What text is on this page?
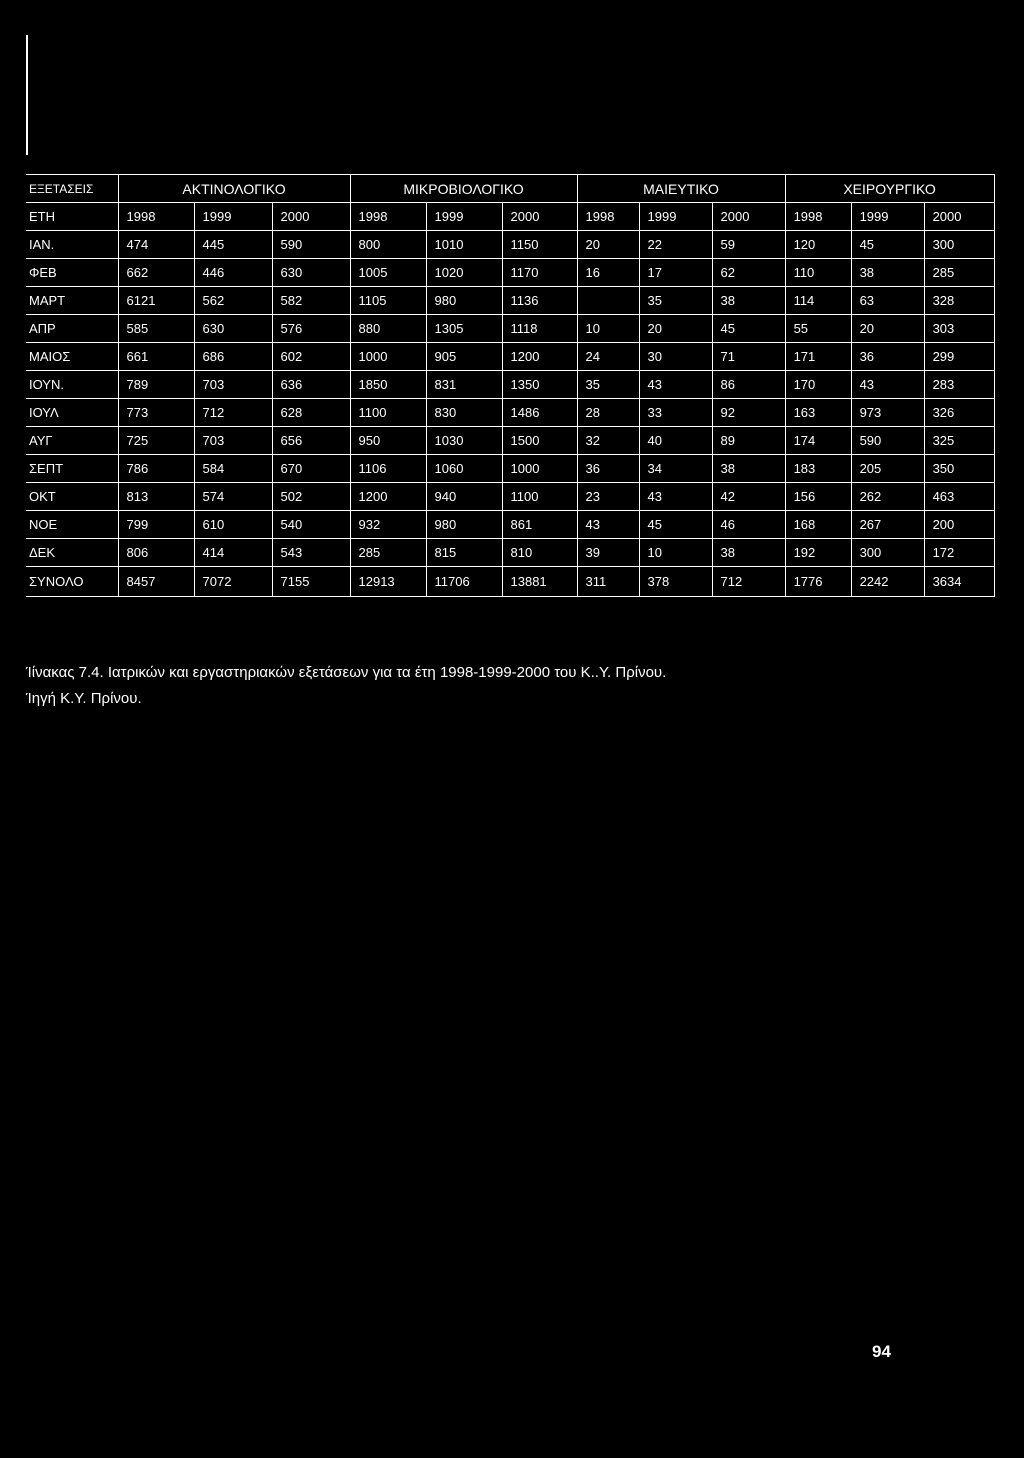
ΕΞΕΤΑΣΕΙΣ	ΑΚΤΙΝΟΛΟΓΙΚΟ			ΜΙΚΡΟΒΙΟΛΟΓΙΚΟ			ΜΑΙΕΥΤΙΚΟ			ΧΕΙΡΟΥΡΓΙΚΟ		
ΕΤΗ	1998	1999	2000	1998	1999	2000	1998	1999	2000	1998	1999	2000
ΙΑΝ.	474	445	590	800	1010	1150	20	22	59	120	45	300
ΦΕΒ	662	446	630	1005	1020	1170	16	17	62	110	38	285
ΜΑΡΤ	6121	562	582	1105	980	1136		35	38	114	63	328
ΑΠΡ	585	630	576	880	1305	1118	10	20	45	55	20	303
ΜΑΙΟΣ	661	686	602	1000	905	1200	24	30	71	171	36	299
ΙΟΥΝ.	789	703	636	1850	831	1350	35	43	86	170	43	283
ΙΟΥΛ	773	712	628	1100	830	1486	28	33	92	163	973	326
ΑΥΓ	725	703	656	950	1030	1500	32	40	89	174	590	325
ΣΕΠΤ	786	584	670	1106	1060	1000	36	34	38	183	205	350
ΟΚΤ	813	574	502	1200	940	1100	23	43	42	156	262	463
ΝΟΕ	799	610	540	932	980	861	43	45	46	168	267	200
ΔΕΚ	806	414	543	285	815	810	39	10	38	192	300	172
ΣΥΝΟΛΟ	8457	7072	7155	12913	11706	13881	311	378	712	1776	2242	3634
Ίίνακας 7.4. Ιατρικών και εργαστηριακών εξετάσεων για τα έτη 1998-1999-2000 του Κ..Υ. Πρίνου.
Ίηγή Κ.Υ. Πρίνου.
94
